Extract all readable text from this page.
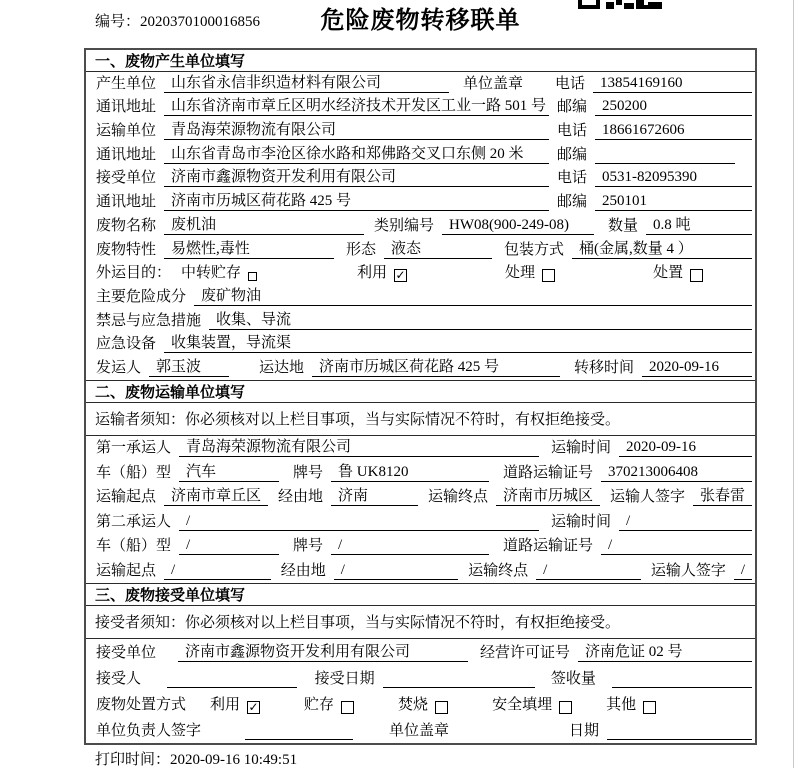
编号：2020370100016856	危险废物转移联单
一、废物产生单位填写
产生单位	山东省永信非织造材料有限公司	单位盖章 电话	13854169160
通讯地址	山东省济南市章丘区明水经济技术开发区工业一路 501 号 邮编	250200
运输单位	青岛海荣源物流有限公司	电话	18661672606
通讯地址	山东省青岛市李沧区徐水路和郑佛路交叉口东侧 20 米	邮编
接受单位	济南市鑫源物资开发利用有限公司	电话	0531-82095390
通讯地址	济南市历城区荷花路 425 号	邮编	250101
废物名称	废机油	类别编号	HW08(900-249-08)	数量	0.8 吨
废物特性	易燃性,毒性	形态	液态	包装方式	桶(金属,数量 4 ）
外运目的： 中转贮存	利用 ✓	处理	处置
主要危险成分	废矿物油
禁忌与应急措施	收集、导流
应急设备	收集装置，导流渠
发运人	郭玉波	运达地	济南市历城区荷花路 425 号	转移时间	2020-09-16
二、废物运输单位填写
运输者须知：你必须核对以上栏目事项，当与实际情况不符时，有权拒绝接受。
第一承运人	青岛海荣源物流有限公司	运输时间	2020-09-16
车（船）型	汽车	牌号	鲁 UK8120	道路运输证号	370213006408
运输起点	济南市章丘区	经由地	济南	运输终点	济南市历城区	运输人签字	张春雷
第二承运人	/	运输时间	/
车（船）型	/	牌号	/	道路运输证号	/
运输起点	/	经由地	/	运输终点	/	运输人签字	/
三、废物接受单位填写
接受者须知：你必须核对以上栏目事项，当与实际情况不符时，有权拒绝接受。
接受单位	济南市鑫源物资开发利用有限公司	经营许可证号	济南危证 02 号
接受人	接受日期	签收量
废物处置方式 利用 ✓	贮存	焚烧	安全填埋	其他
单位负责人签字	单位盖章	日期
打印时间：2020-09-16 10:49:51
